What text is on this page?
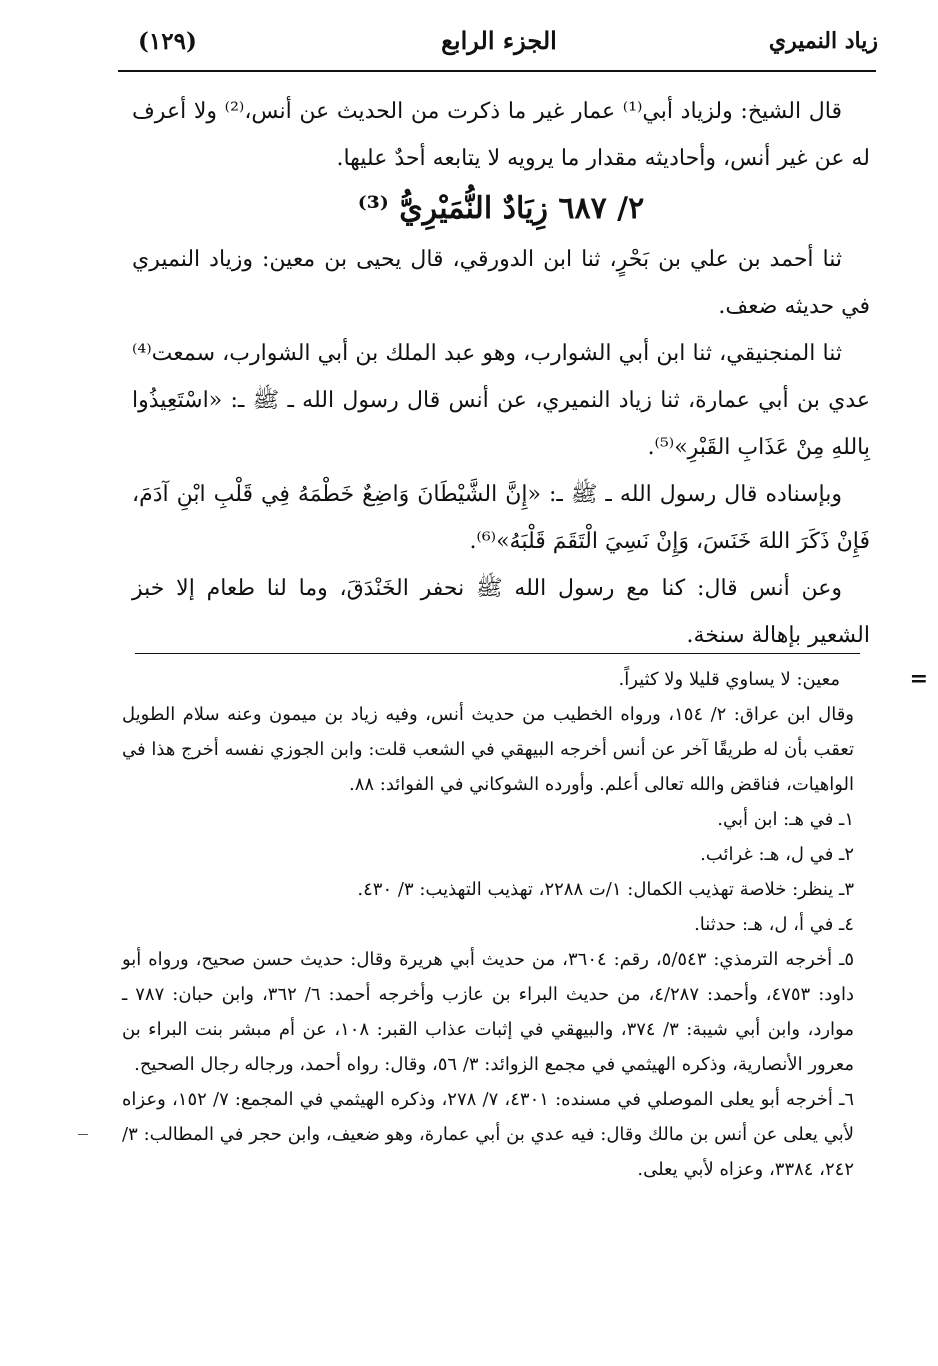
زياد النميري
الجزء الرابع
(١٢٩)

قال الشيخ: ولزياد أبي⁽¹⁾ عمار غير ما ذكرت من الحديث عن أنس،⁽²⁾ ولا أعرف له عن غير أنس، وأحاديثه مقدار ما يرويه لا يتابعه أحدٌ عليها.

٢/ ٦٨٧ زِيَادٌ النُّمَيْرِيُّ ⁽³⁾

ثنا أحمد بن علي بن بَحْرٍ، ثنا ابن الدورقي، قال يحيى بن معين: وزياد النميري في حديثه ضعف.

ثنا المنجنيقي، ثنا ابن أبي الشوارب، وهو عبد الملك بن أبي الشوارب، سمعت⁽⁴⁾ عدي بن أبي عمارة، ثنا زياد النميري، عن أنس قال رسول الله ـ ﷺ ـ: «اسْتَعِيذُوا بِاللهِ مِنْ عَذَابِ القَبْرِ»⁽⁵⁾.

وبإسناده قال رسول الله ـ ﷺ ـ: «إِنَّ الشَّيْطَانَ وَاضِعٌ خَطْمَهُ فِي قَلْبِ ابْنِ آدَمَ، فَإِنْ ذَكَرَ اللهَ خَنَسَ، وَإِنْ نَسِيَ الْتَقَمَ قَلْبَهُ»⁽⁶⁾.

وعن أنس قال: كنا مع رسول الله ﷺ نحفر الخَنْدَقَ، وما لنا طعام إلا خبز الشعير بإهالة سنخة.

=

معين: لا يساوي قليلا ولا كثيراً.

وقال ابن عراق: ٢/ ١٥٤، ورواه الخطيب من حديث أنس، وفيه زياد بن ميمون وعنه سلام الطويل تعقب بأن له طريقًا آخر عن أنس أخرجه البيهقي في الشعب قلت: وابن الجوزي نفسه أخرج هذا في الواهيات، فناقض والله تعالى أعلم. وأورده الشوكاني في الفوائد: ٨٨.

١ـ في هـ: ابن أبي.

٢ـ في ل، هـ: غرائب.

٣ـ ينظر: خلاصة تهذيب الكمال: ١/ت ٢٢٨٨، تهذيب التهذيب: ٣/ ٤٣٠.

٤ـ في أ، ل، هـ: حدثنا.

٥ـ أخرجه الترمذي: ٥/٥٤٣، رقم: ٣٦٠٤، من حديث أبي هريرة وقال: حديث حسن صحيح، ورواه أبو داود: ٤٧٥٣، وأحمد: ٤/٢٨٧، من حديث البراء بن عازب وأخرجه أحمد: ٦/ ٣٦٢، وابن حبان: ٧٨٧ ـ موارد، وابن أبي شيبة: ٣/ ٣٧٤، والبيهقي في إثبات عذاب القبر: ١٠٨، عن أم مبشر بنت البراء بن معرور الأنصارية، وذكره الهيثمي في مجمع الزوائد: ٣/ ٥٦، وقال: رواه أحمد، ورجاله رجال الصحيح.

٦ـ أخرجه أبو يعلى الموصلي في مسنده: ٤٣٠١، ٧/ ٢٧٨، وذكره الهيثمي في المجمع: ٧/ ١٥٢، وعزاه لأبي يعلى عن أنس بن مالك وقال: فيه عدي بن أبي عمارة، وهو ضعيف، وابن حجر في المطالب: ٣/ ٢٤٢، ٣٣٨٤، وعزاه لأبي يعلى.
